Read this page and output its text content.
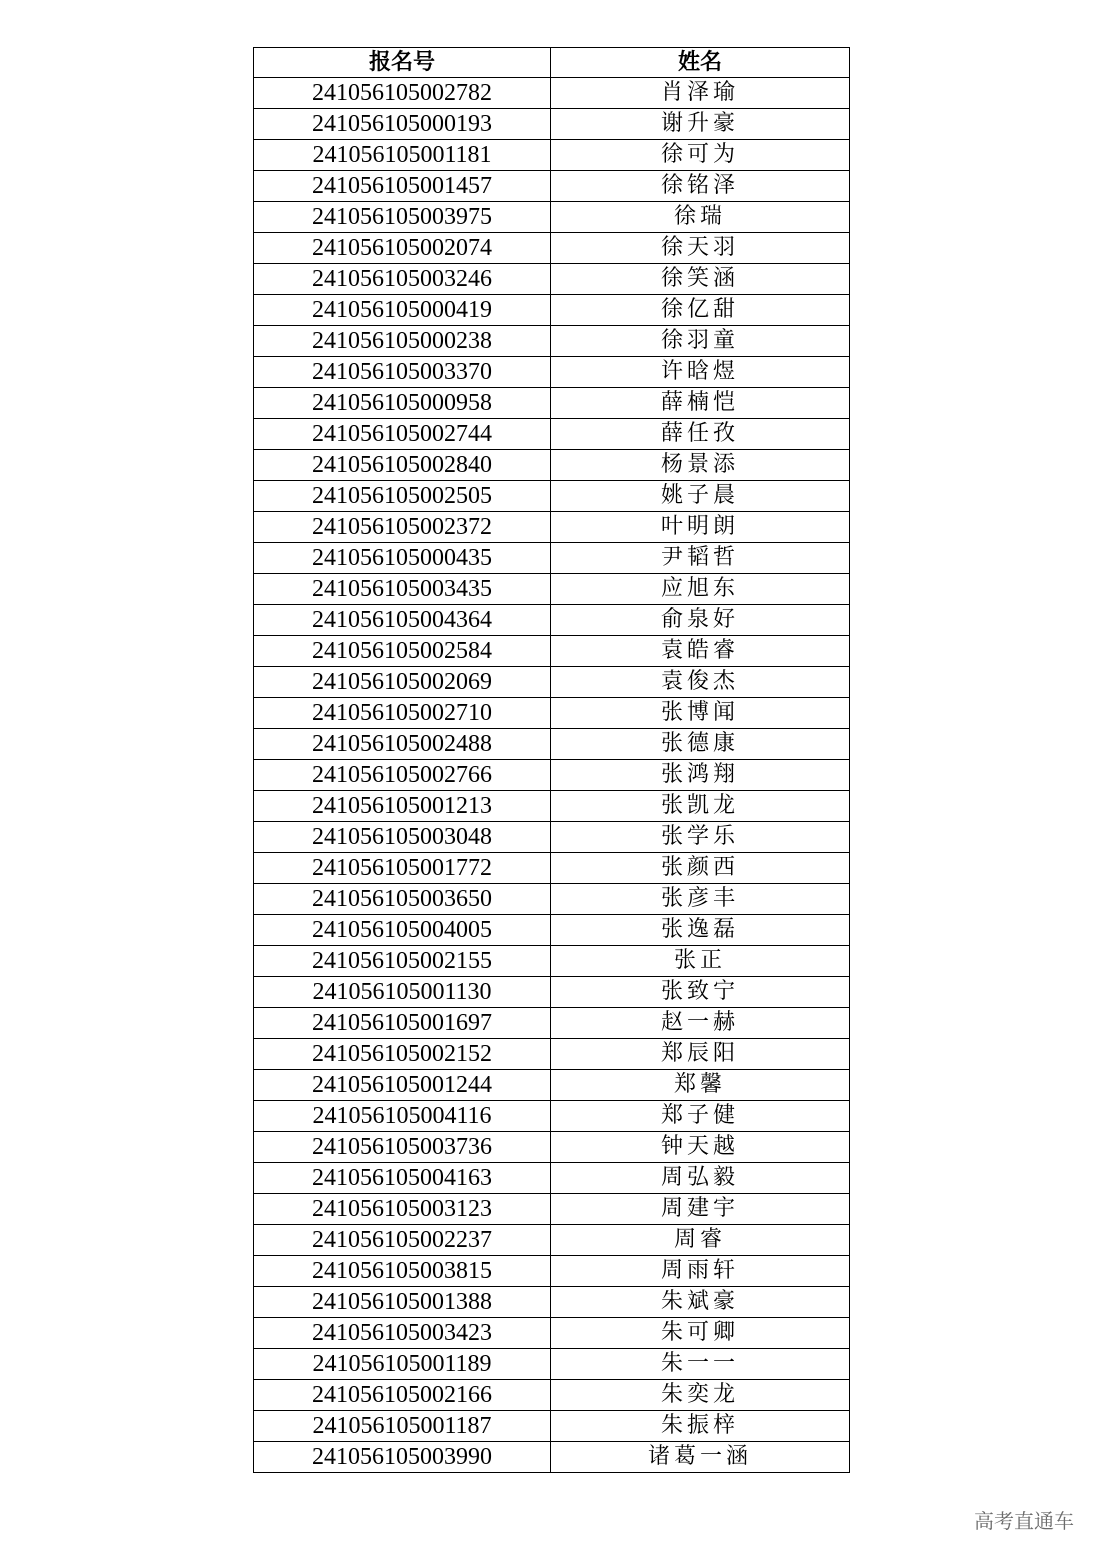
报名号	姓名
241056105002782	肖泽瑜
241056105000193	谢升豪
241056105001181	徐可为
241056105001457	徐铭泽
241056105003975	徐瑞
241056105002074	徐天羽
241056105003246	徐笑涵
241056105000419	徐亿甜
241056105000238	徐羽童
241056105003370	许晗煜
241056105000958	薛楠恺
241056105002744	薛任孜
241056105002840	杨景添
241056105002505	姚子晨
241056105002372	叶明朗
241056105000435	尹韬哲
241056105003435	应旭东
241056105004364	俞泉好
241056105002584	袁皓睿
241056105002069	袁俊杰
241056105002710	张博闻
241056105002488	张德康
241056105002766	张鸿翔
241056105001213	张凯龙
241056105003048	张学乐
241056105001772	张颜西
241056105003650	张彦丰
241056105004005	张逸磊
241056105002155	张正
241056105001130	张致宁
241056105001697	赵一赫
241056105002152	郑辰阳
241056105001244	郑馨
241056105004116	郑子健
241056105003736	钟天越
241056105004163	周弘毅
241056105003123	周建宇
241056105002237	周睿
241056105003815	周雨轩
241056105001388	朱斌豪
241056105003423	朱可卿
241056105001189	朱一一
241056105002166	朱奕龙
241056105001187	朱振梓
241056105003990	诸葛一涵
高考直通车
